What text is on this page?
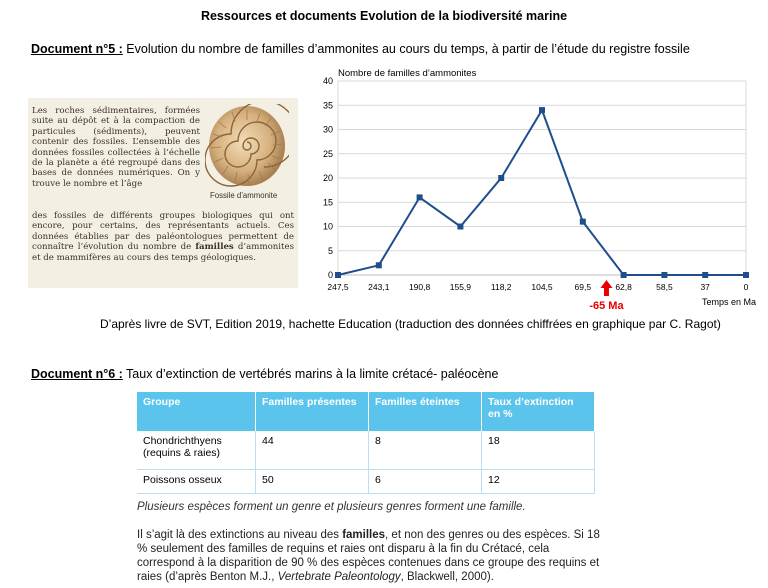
Ressources et documents Evolution de la biodiversité marine
Document n°5 : Evolution du nombre de familles d’ammonites au cours du temps, à partir de l’étude du registre fossile
Les roches sédimentaires, formées suite au dépôt et à la compaction de particules (sédiments), peuvent contenir des fossiles. L’ensemble des données fossiles collectées à l’échelle de la planète a été regroupé dans des bases de données numériques. On y trouve le nombre et l’âge
Fossile d’ammonite
des fossiles de différents groupes biologiques qui ont encore, pour certains, des représentants actuels. Ces données établies par des paléontologues permettent de connaître l’évolution du nombre de familles d’ammonites et de mammifères au cours des temps géologiques.
0
5
10
15
20
25
30
35
40
247,5 243,1 190,8 155,9 118,2 104,5	69,5	62,8	58,5	37	0
Nombre de familles d’ammonites
Temps en Ma
-65 Ma
D’après livre de SVT, Edition 2019, hachette Education (traduction des données chiffrées en graphique par C. Ragot)
Document n°6 : Taux d’extinction de vertébrés marins à la limite crétacé- paléocène
Groupe	Familles présentes	Familles éteintes	Taux d’extinction en %
Chondrichthyens (requins & raies)	44	8	18
Poissons osseux	50	6	12
Plusieurs espèces forment un genre et plusieurs genres forment une famille.
Il s’agit là des extinctions au niveau des familles, et non des genres ou des espèces. Si 18 % seulement des familles de requins et raies ont disparu à la fin du Crétacé, cela correspond à la disparition de 90 % des espèces contenues dans ce groupe des requins et raies (d’après Benton M.J., Vertebrate Paleontology, Blackwell, 2000).
